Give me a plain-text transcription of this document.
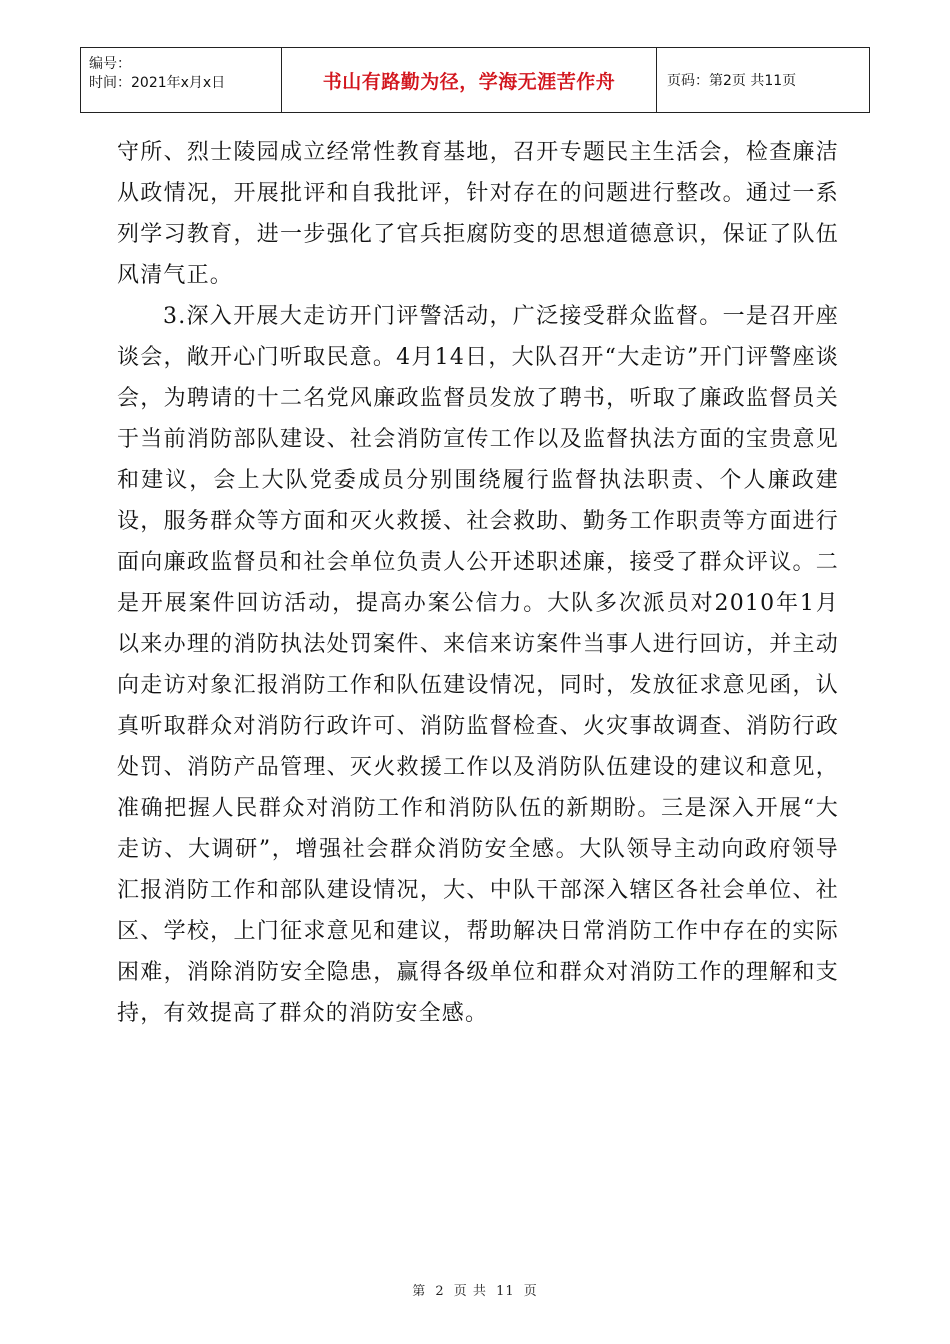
编号：
时间：2021年x月x日	书山有路勤为径，学海无涯苦作舟	页码：第2页 共11页

守所、烈士陵园成立经常性教育基地，召开专题民主生活会，检查廉洁从政情况，开展批评和自我批评，针对存在的问题进行整改。通过一系列学习教育，进一步强化了官兵拒腐防变的思想道德意识，保证了队伍风清气正。

3.深入开展大走访开门评警活动，广泛接受群众监督。一是召开座谈会，敞开心门听取民意。4月14日，大队召开“大走访”开门评警座谈会，为聘请的十二名党风廉政监督员发放了聘书，听取了廉政监督员关于当前消防部队建设、社会消防宣传工作以及监督执法方面的宝贵意见和建议，会上大队党委成员分别围绕履行监督执法职责、个人廉政建设，服务群众等方面和灭火救援、社会救助、勤务工作职责等方面进行面向廉政监督员和社会单位负责人公开述职述廉，接受了群众评议。二是开展案件回访活动，提高办案公信力。大队多次派员对2010年1月以来办理的消防执法处罚案件、来信来访案件当事人进行回访，并主动向走访对象汇报消防工作和队伍建设情况，同时，发放征求意见函，认真听取群众对消防行政许可、消防监督检查、火灾事故调查、消防行政处罚、消防产品管理、灭火救援工作以及消防队伍建设的建议和意见，准确把握人民群众对消防工作和消防队伍的新期盼。三是深入开展“大走访、大调研”，增强社会群众消防安全感。大队领导主动向政府领导汇报消防工作和部队建设情况，大、中队干部深入辖区各社会单位、社区、学校，上门征求意见和建议，帮助解决日常消防工作中存在的实际困难，消除消防安全隐患，赢得各级单位和群众对消防工作的理解和支持，有效提高了群众的消防安全感。

第 2 页 共 11 页
